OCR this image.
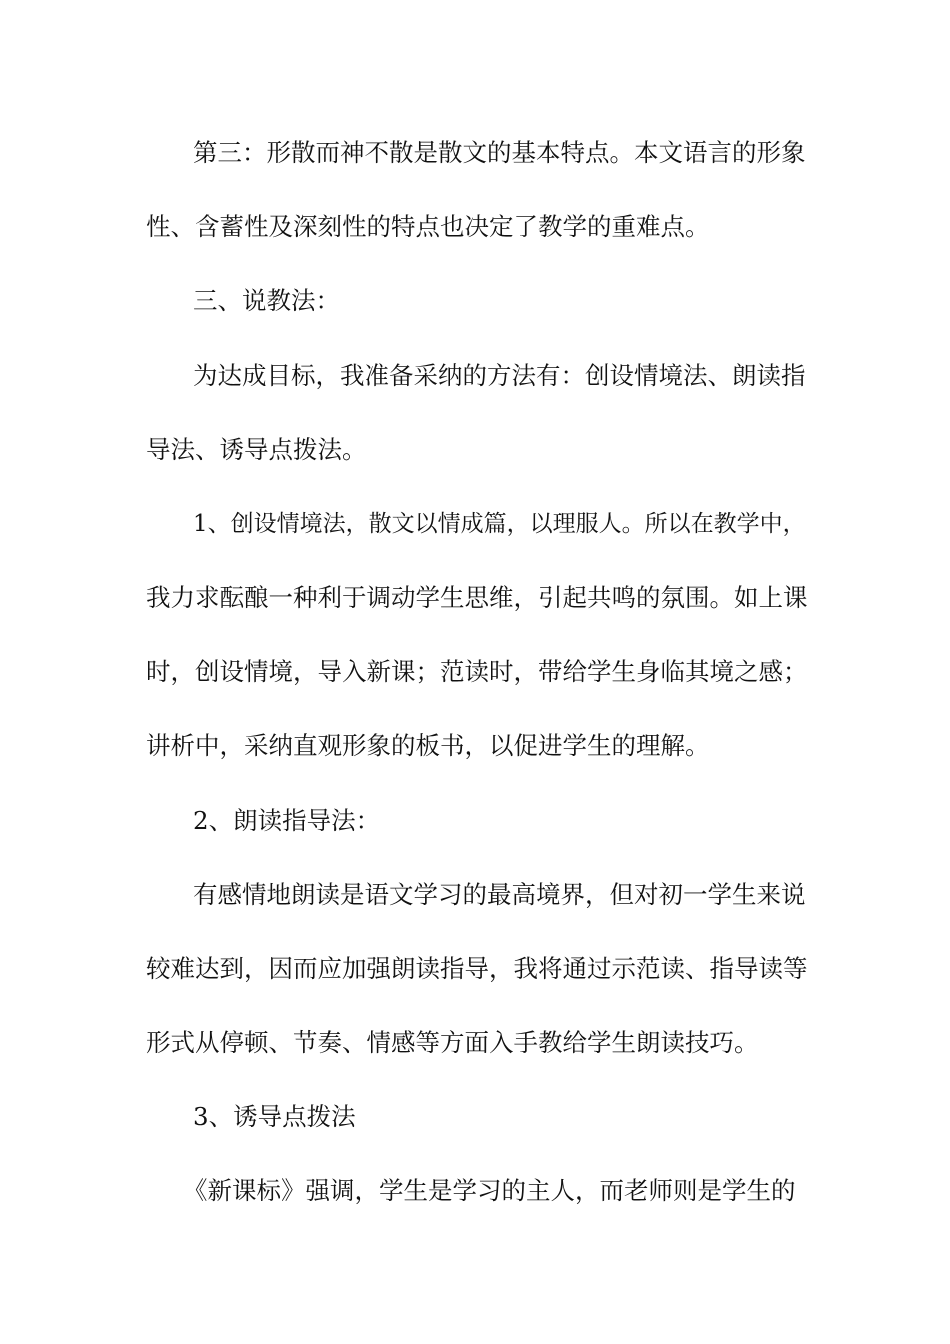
第三：形散而神不散是散文的基本特点。本文语言的形象
性、含蓄性及深刻性的特点也决定了教学的重难点。
三、说教法：
为达成目标，我准备采纳的方法有：创设情境法、朗读指
导法、诱导点拨法。
1、创设情境法，散文以情成篇，以理服人。所以在教学中，
我力求酝酿一种利于调动学生思维，引起共鸣的氛围。如上课
时，创设情境，导入新课；范读时，带给学生身临其境之感；
讲析中，采纳直观形象的板书，以促进学生的理解。
2、朗读指导法：
有感情地朗读是语文学习的最高境界，但对初一学生来说
较难达到，因而应加强朗读指导，我将通过示范读、指导读等
形式从停顿、节奏、情感等方面入手教给学生朗读技巧。
3、诱导点拨法
《新课标》强调，学生是学习的主人，而老师则是学生的
